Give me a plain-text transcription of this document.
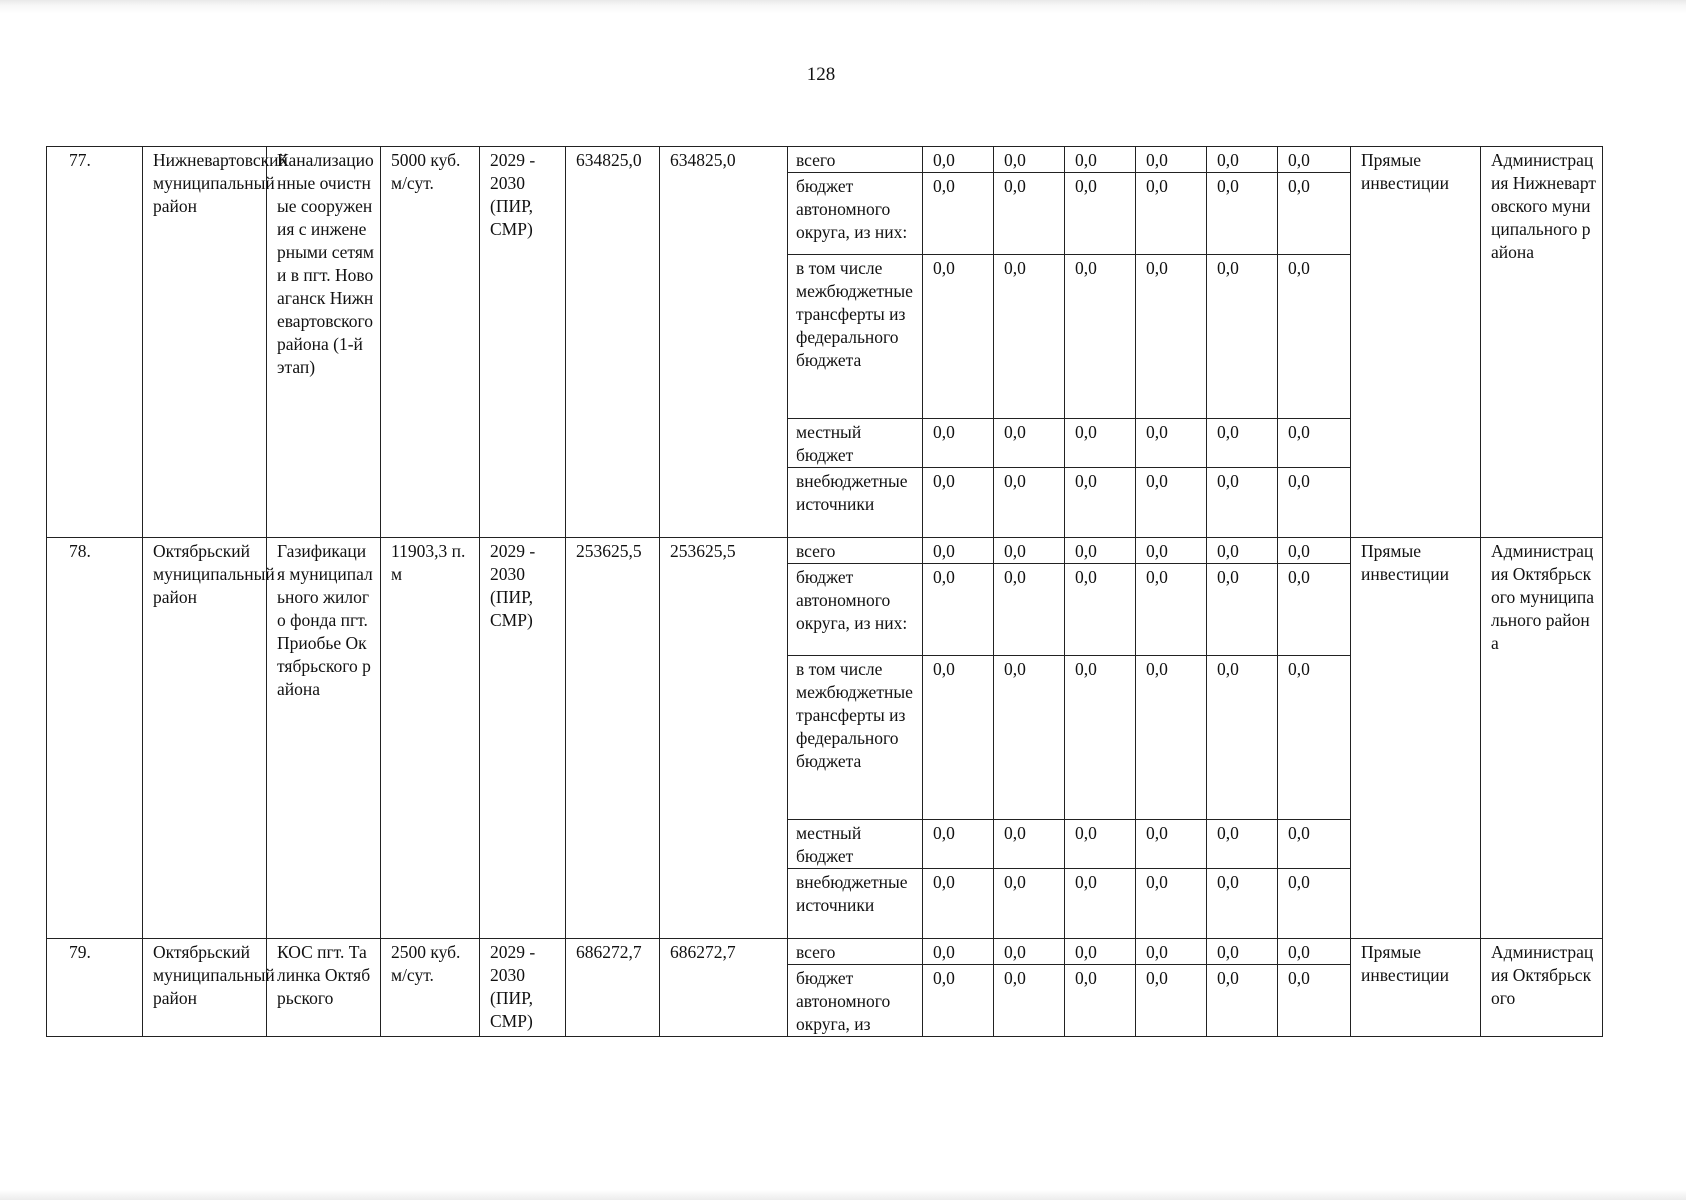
128
77.	Нижневартовский муниципальный район	Канализационные очистные сооружения с инженерными сетями в пгт. Новоаганск Нижневартовского района (1-й этап)	5000 куб. м/сут.	2029 - 2030 (ПИР, СМР)	634825,0	634825,0	всего	0,0	0,0	0,0	0,0	0,0	0,0	Прямые инвестиции	Администрация Нижневартовского муниципального района
							бюджет автономного округа, из них:	0,0	0,0	0,0	0,0	0,0	0,0		
							в том числе межбюджетные трансферты из федерального бюджета	0,0	0,0	0,0	0,0	0,0	0,0		
							местный бюджет	0,0	0,0	0,0	0,0	0,0	0,0		
							внебюджетные источники	0,0	0,0	0,0	0,0	0,0	0,0		
78.	Октябрьский муниципальный район	Газификация муниципального жилого фонда пгт. Приобье Октябрьского района	11903,3 п. м	2029 - 2030 (ПИР, СМР)	253625,5	253625,5	всего	0,0	0,0	0,0	0,0	0,0	0,0	Прямые инвестиции	Администрация Октябрьского муниципального района
							бюджет автономного округа, из них:	0,0	0,0	0,0	0,0	0,0	0,0		
							в том числе межбюджетные трансферты из федерального бюджета	0,0	0,0	0,0	0,0	0,0	0,0		
							местный бюджет	0,0	0,0	0,0	0,0	0,0	0,0		
							внебюджетные источники	0,0	0,0	0,0	0,0	0,0	0,0		
79.	Октябрьский муниципальный район	КОС пгт. Талинка Октябрьского	2500 куб. м/сут.	2029 - 2030 (ПИР, СМР)	686272,7	686272,7	всего	0,0	0,0	0,0	0,0	0,0	0,0	Прямые инвестиции	Администрация Октябрьского
							бюджет автономного округа, из	0,0	0,0	0,0	0,0	0,0	0,0		
